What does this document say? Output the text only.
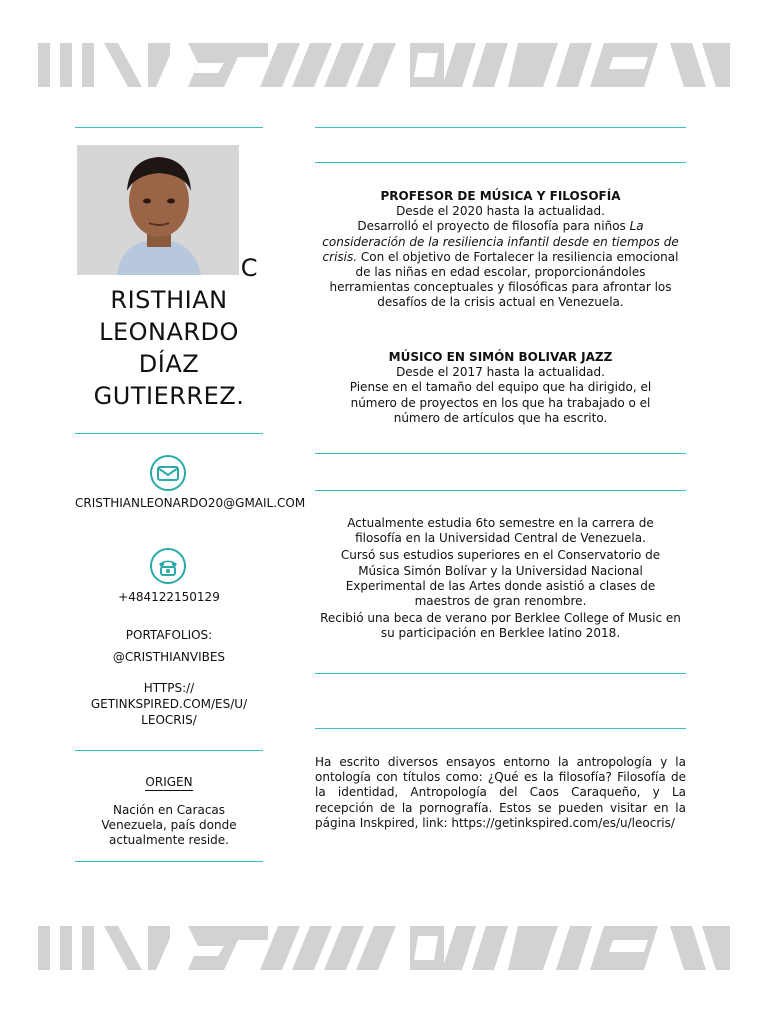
C
RISTHIAN LEONARDO DÍAZ GUTIERREZ.
CRISTHIANLEONARDO20@GMAIL.COM
+484122150129
PORTAFOLIOS:
@CRISTHIANVIBES
HTTPS:// GETINKSPIRED.COM/ES/U/ LEOCRIS/
ORIGEN
Nación en Caracas Venezuela, país donde actualmente reside.
PROFESOR DE MÚSICA Y FILOSOFÍA
Desde el 2020 hasta la actualidad.
Desarrolló el proyecto de filosofía para niños La consideración de la resiliencia infantil desde en tiempos de crisis. Con el objetivo de Fortalecer la resiliencia emocional de las niñas en edad escolar, proporcionándoles herramientas conceptuales y filosóficas para afrontar los desafíos de la crisis actual en Venezuela.
MÚSICO EN SIMÓN BOLIVAR JAZZ
Desde el 2017 hasta la actualidad.
Piense en el tamaño del equipo que ha dirigido, el número de proyectos en los que ha trabajado o el número de artículos que ha escrito.
Actualmente estudia 6to semestre en la carrera de filosofía en la Universidad Central de Venezuela.
Cursó sus estudios superiores en el Conservatorio de Música Simón Bolívar y la Universidad Nacional Experimental de las Artes donde asistió a clases de maestros de gran renombre.
Recibió una beca de verano por Berklee College of Music en su participación en Berklee latino 2018.
Ha escrito diversos ensayos entorno la antropología y la ontología con títulos como: ¿Qué es la filosofía? Filosofía de la identidad, Antropología del Caos Caraqueño, y La recepción de la pornografía. Estos se pueden visitar en la página Inskpired, link: https://getinkspired.com/es/u/leocris/
